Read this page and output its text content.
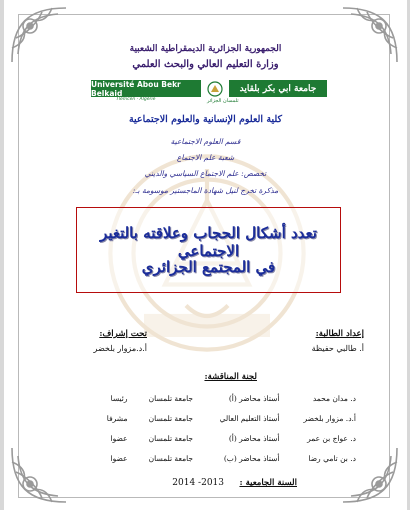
الجمهورية الجزائرية الديمقراطية الشعبية
وزارة التعليم العالي والبحث العلمي
Université Abou Bekr Belkaid	جامعة ابي بكر بلقايد
Tlemcen · Algérie	تلمسان الجزائر
كلية العلوم الإنسانية والعلوم الاجتماعية
قسم العلوم الاجتماعية
شعبة علم الاجتماع
تخصص: علم الاجتماع السياسي والديني
مذكرة تخرج لنيل شهادة الماجستير موسومة بـ:
تعدد أشكال الحجاب وعلاقته بالتغير الاجتماعي
في المجتمع الجزائري
إعداد الطالبة:
أ. طالبي حفيظة
تحت إشراف:
أ.د.مزوار بلخضر
لجنة المناقشة:
د. مدان محمد	أستاذ محاضر (أ)	جامعة تلمسان	رئيسا
أ.د. مزوار بلخضر	أستاذ التعليم العالي	جامعة تلمسان	مشرفا
د. عواج بن عمر	أستاذ محاضر (أ)	جامعة تلمسان	عضوا
د. بن تامي رضا	أستاذ محاضر (ب)	جامعة تلمسان	عضوا
السنة الجامعية :
2013- 2014
